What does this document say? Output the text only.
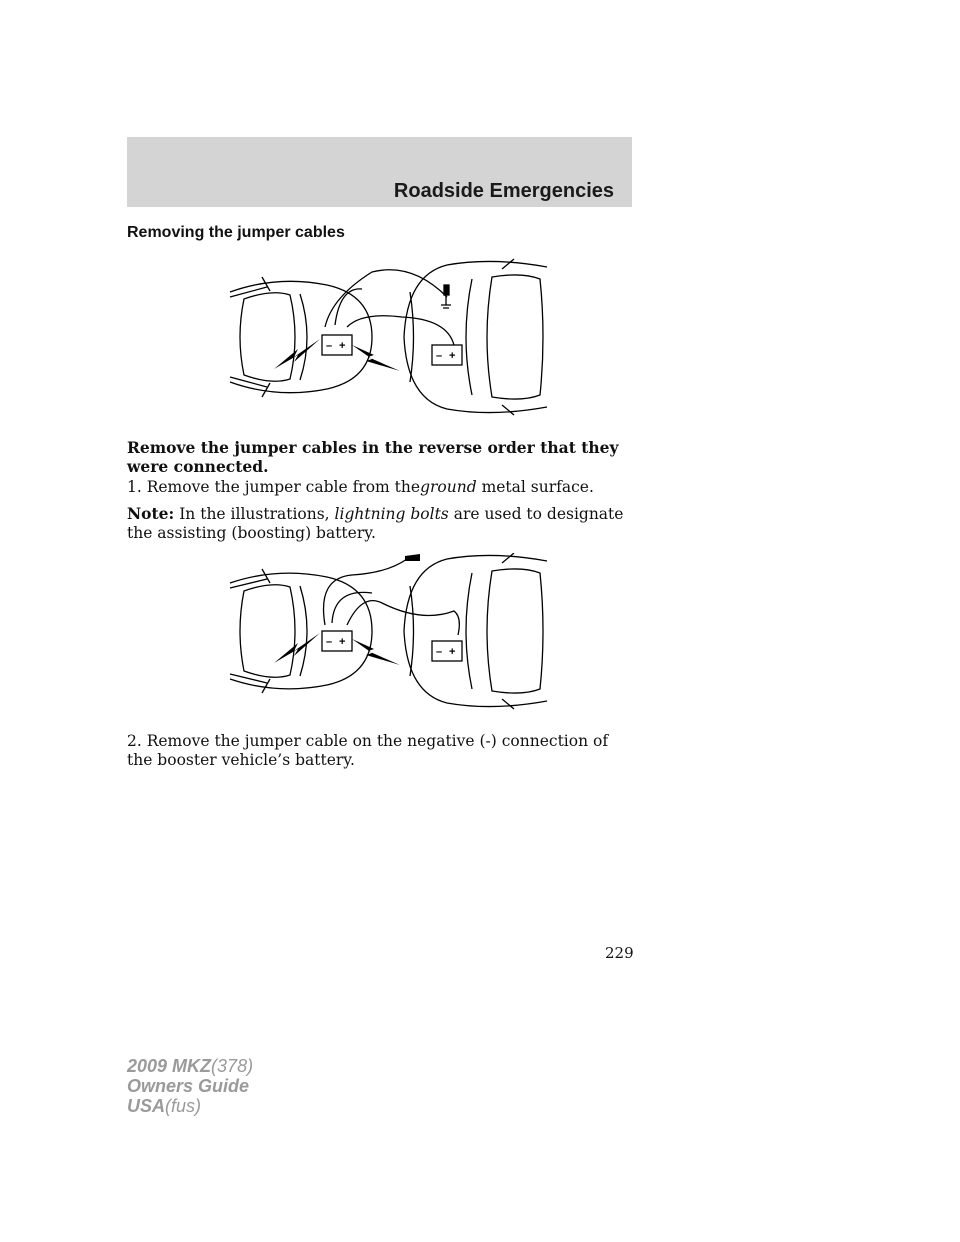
Roadside Emergencies
Removing the jumper cables
– +
– +

Remove the jumper cables in the reverse order that they were connected.

1. Remove the jumper cable from theground metal surface.

Note: In the illustrations, lightning bolts are used to designate the assisting (boosting) battery.

– +
– +

2. Remove the jumper cable on the negative (-) connection of the booster vehicle’s battery.

229
2009 MKZ(378)
Owners Guide
USA(fus)
